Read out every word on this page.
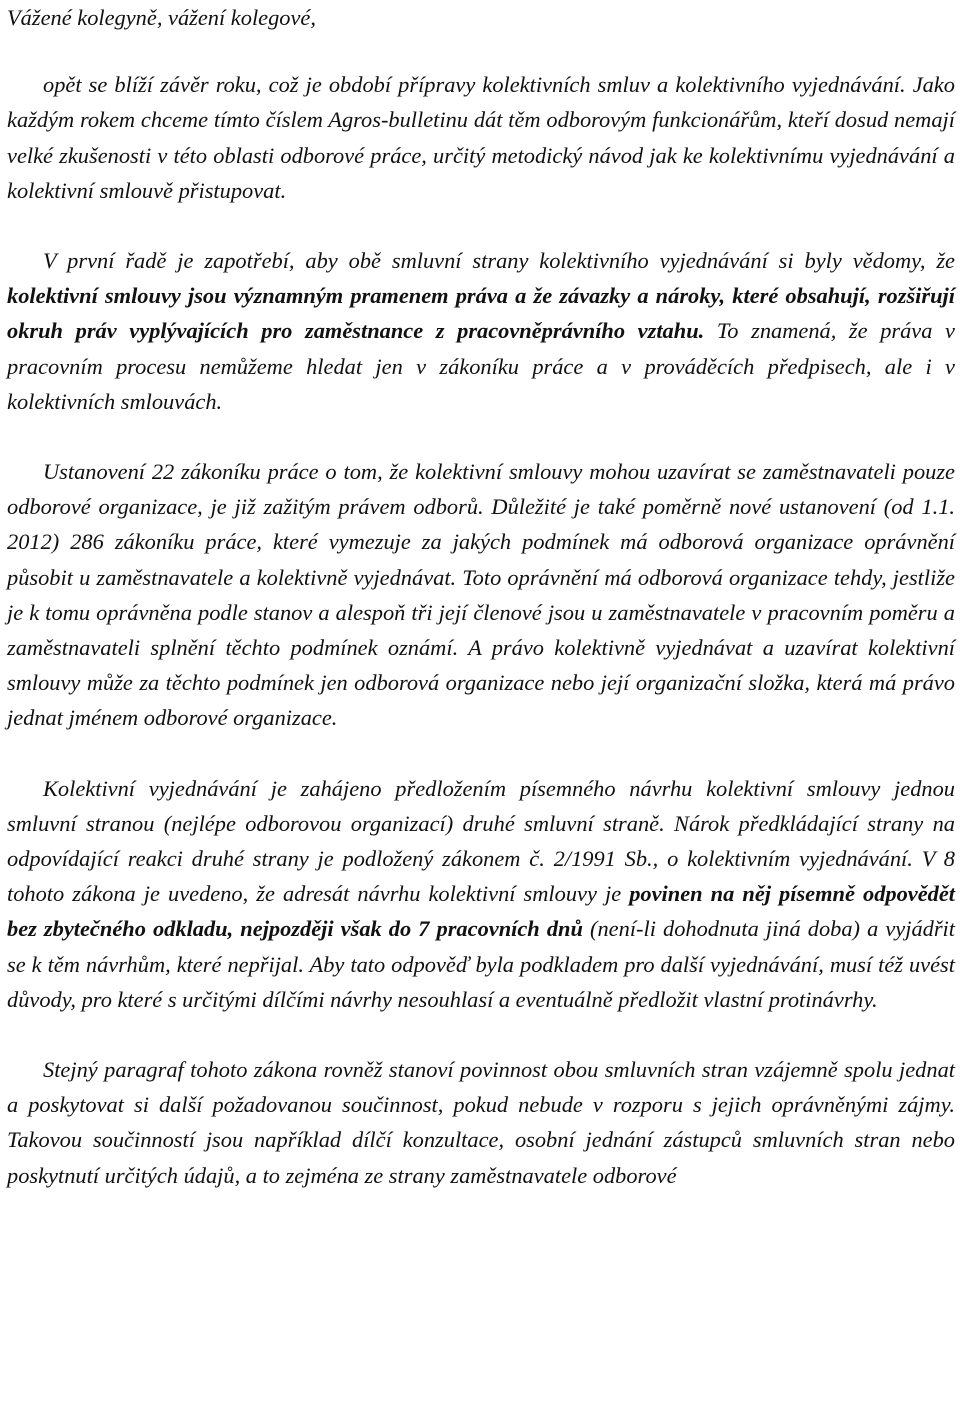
Vážené kolegyně, vážení kolegové,

opět se blíží závěr roku, což je období přípravy kolektivních smluv a kolektivního vyjednávání. Jako každým rokem chceme tímto číslem Agros-bulletinu dát těm odborovým funkcionářům, kteří dosud nemají velké zkušenosti v této oblasti odborové práce, určitý metodický návod jak ke kolektivnímu vyjednávání a kolektivní smlouvě přistupovat.

V první řadě je zapotřebí, aby obě smluvní strany kolektivního vyjednávání si byly vědomy, že kolektivní smlouvy jsou významným pramenem práva a že závazky a nároky, které obsahují, rozšiřují okruh práv vyplývajících pro zaměstnance z pracovněprávního vztahu. To znamená, že práva v pracovním procesu nemůžeme hledat jen v zákoníku práce a v prováděcích předpisech, ale i v kolektivních smlouvách.

Ustanovení 22 zákoníku práce o tom, že kolektivní smlouvy mohou uzavírat se zaměstnavateli pouze odborové organizace, je již zažitým právem odborů. Důležité je také poměrně nové ustanovení (od 1.1. 2012) 286 zákoníku práce, které vymezuje za jakých podmínek má odborová organizace oprávnění působit u zaměstnavatele a kolektivně vyjednávat. Toto oprávnění má odborová organizace tehdy, jestliže je k tomu oprávněna podle stanov a alespoň tři její členové jsou u zaměstnavatele v pracovním poměru a zaměstnavateli splnění těchto podmínek oznámí. A právo kolektivně vyjednávat a uzavírat kolektivní smlouvy může za těchto podmínek jen odborová organizace nebo její organizační složka, která má právo jednat jménem odborové organizace.

Kolektivní vyjednávání je zahájeno předložením písemného návrhu kolektivní smlouvy jednou smluvní stranou (nejlépe odborovou organizací) druhé smluvní straně. Nárok předkládající strany na odpovídající reakci druhé strany je podložený zákonem č. 2/1991 Sb., o kolektivním vyjednávání. V 8 tohoto zákona je uvedeno, že adresát návrhu kolektivní smlouvy je povinen na něj písemně odpovědět bez zbytečného odkladu, nejpozději však do 7 pracovních dnů (není-li dohodnuta jiná doba) a vyjádřit se k těm návrhům, které nepřijal. Aby tato odpověď byla podkladem pro další vyjednávání, musí též uvést důvody, pro které s určitými dílčími návrhy nesouhlasí a eventuálně předložit vlastní protinávrhy.

Stejný paragraf tohoto zákona rovněž stanoví povinnost obou smluvních stran vzájemně spolu jednat a poskytovat si další požadovanou součinnost, pokud nebude v rozporu s jejich oprávněnými zájmy. Takovou součinností jsou například dílčí konzultace, osobní jednání zástupců smluvních stran nebo poskytnutí určitých údajů, a to zejména ze strany zaměstnavatele odborové
